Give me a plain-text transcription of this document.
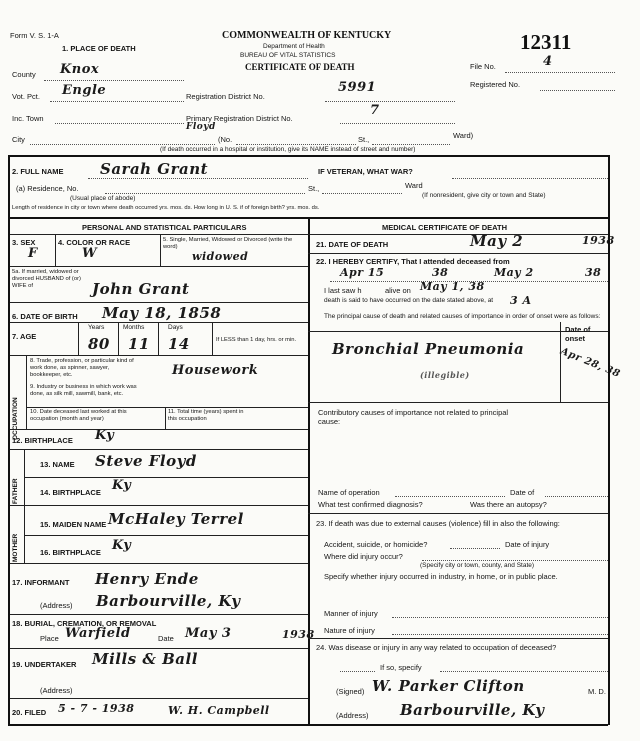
Form V. S. 1-A
1. PLACE OF DEATH
COMMONWEALTH OF KENTUCKY
Department of Health
BUREAU OF VITAL STATISTICS
CERTIFICATE OF DEATH
12311
File No.	4
Registered No.
County Knox
Vot. Pct. Engle	Registration District No.
5991
Inc. Town	Primary Registration District No.
7
City
Floyd
(No.	St.,	Ward)
(If death occurred in a hospital or institution, give its NAME instead of street and number)
2. FULL NAME Sarah Grant	IF VETERAN, WHAT WAR?
(a) Residence, No.	St.,	Ward
(Usual place of abode)	(If nonresident, give city or town and State)
Length of residence in city or town where death occurred yrs. mos. ds. How long in U. S. if of foreign birth? yrs. mos. ds.
PERSONAL AND STATISTICAL PARTICULARS	MEDICAL CERTIFICATE OF DEATH
3. SEX
F
4. COLOR OR RACE
W
5. Single, Married, Widowed or Divorced (write the word)
widowed
5a. If married, widowed or divorced HUSBAND of (or) WIFE of	John Grant
6. DATE OF BIRTH May 18, 1858
7. AGE
Years
80
Months
11
Days
14	If LESS than 1 day, hrs. or min.
OCCUPATION
8. Trade, profession, or particular kind of work done, as spinner, sawyer, bookkeeper, etc.	Housework
9. Industry or business in which work was done, as silk mill, sawmill, bank, etc.
10. Date deceased last worked at this occupation (month and year)
11. Total time (years) spent in this occupation
12. BIRTHPLACE Ky
FATHER
13. NAME Steve Floyd
14. BIRTHPLACE Ky
MOTHER
15. MAIDEN NAME McHaley Terrel
16. BIRTHPLACE Ky
17. INFORMANT Henry Ende
(Address) Barbourville, Ky
18. BURIAL, CREMATION, OR REMOVAL
Place Warfield	Date May 3	1938
19. UNDERTAKER Mills & Ball
(Address)
20. FILED 5 - 7 - 1938	W. H. Campbell
21. DATE OF DEATH	May 2	1938
22. I HEREBY CERTIFY, That I attended deceased from
Apr 15	38	May 2	38
I last saw h	alive on May 1, 38
death is said to have occurred on the date stated above, at	3 A
The principal cause of death and related causes of importance in order of onset were as follows:
Date of onset
Bronchial Pneumonia	Apr 28, 38
(illegible)
Contributory causes of importance not related to principal cause:
Name of operation	Date of
What test confirmed diagnosis?	Was there an autopsy?
23. If death was due to external causes (violence) fill in also the following:
Accident, suicide, or homicide?	Date of injury
Where did injury occur?
(Specify city or town, county, and State)
Specify whether injury occurred in industry, in home, or in public place.
Manner of injury
Nature of injury
24. Was disease or injury in any way related to occupation of deceased?
If so, specify
(Signed) W. Parker Clifton	M. D.
(Address) Barbourville, Ky
